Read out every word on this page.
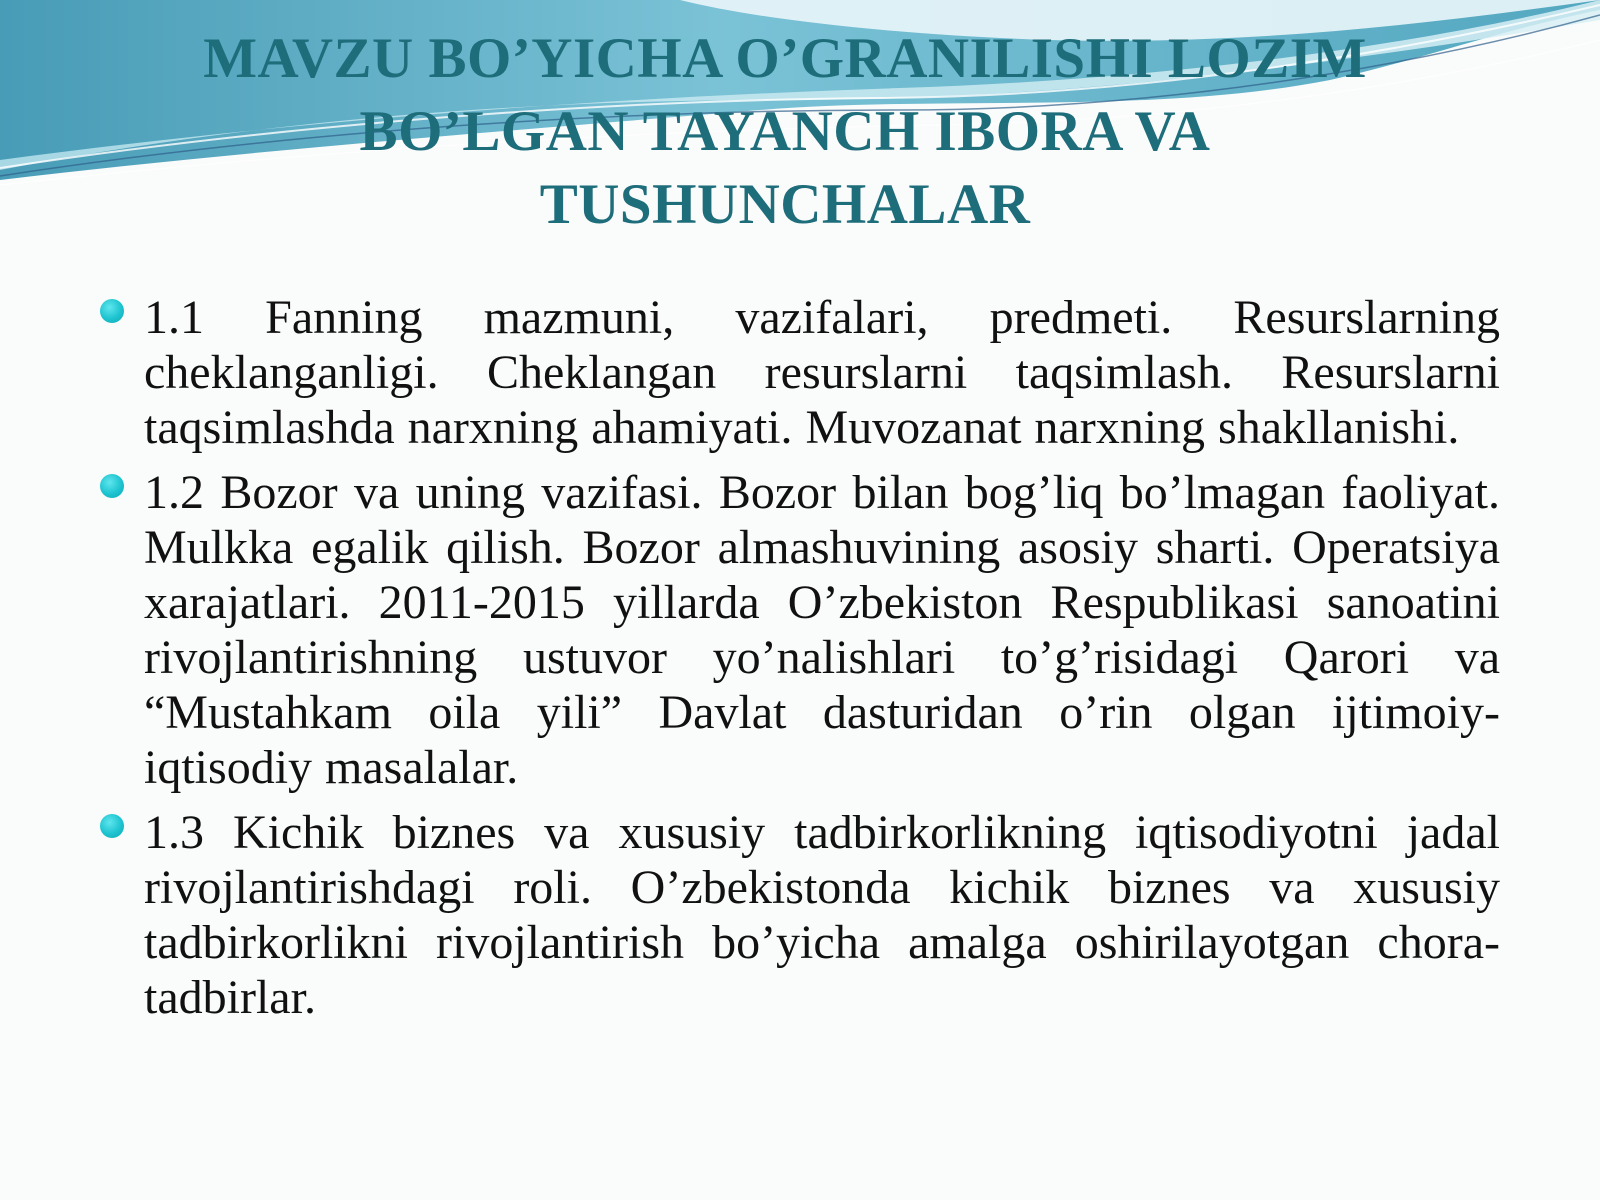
MAVZU BO’YICHA O’GRANILISHI LOZIM BO’LGAN TAYANCH IBORA VA TUSHUNCHALAR
1.1 Fanning mazmuni, vazifalari, predmeti. Resurslarning cheklanganligi. Cheklangan resurslarni taqsimlash. Resurslarni taqsimlashda narxning ahamiyati. Muvozanat narxning shakllanishi.
1.2 Bozor va uning vazifasi. Bozor bilan bog’liq bo’lmagan faoliyat. Mulkka egalik qilish. Bozor almashuvining asosiy sharti. Operatsiya xarajatlari. 2011-2015 yillarda O’zbekiston Respublikasi sanoatini rivojlantirishning ustuvor yo’nalishlari to’g’risidagi Qarori va “Mustahkam oila yili” Davlat dasturidan o’rin olgan ijtimoiy-iqtisodiy masalalar.
1.3 Kichik biznes va xususiy tadbirkorlikning iqtisodiyotni jadal rivojlantirishdagi roli. O’zbekistonda kichik biznes va xususiy tadbirkorlikni rivojlantirish bo’yicha amalga oshirilayotgan chora-tadbirlar.
